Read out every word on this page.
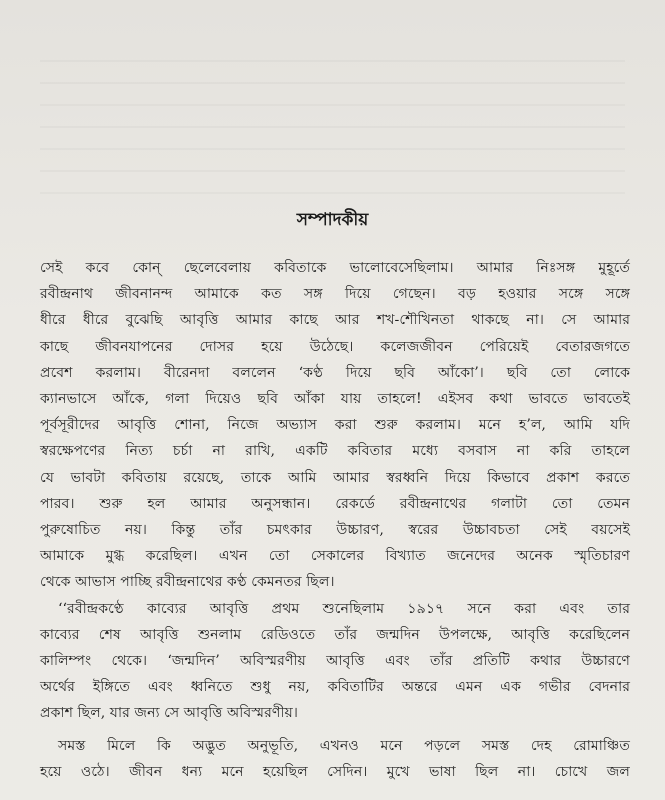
সম্পাদকীয়
সেই কবে কোন্ ছেলেবেলায় কবিতাকে ভালোবেসেছিলাম। আমার নিঃসঙ্গ মুহূর্তে
রবীন্দ্রনাথ জীবনানন্দ আমাকে কত সঙ্গ দিয়ে গেছেন। বড় হওয়ার সঙ্গে সঙ্গে
ধীরে ধীরে বুঝেছি আবৃত্তি আমার কাছে আর শখ-শৌখিনতা থাকছে না। সে আমার
কাছে জীবনযাপনের দোসর হয়ে উঠেছে। কলেজজীবন পেরিয়েই বেতারজগতে
প্রবেশ করলাম। বীরেনদা বললেন ‘কণ্ঠ দিয়ে ছবি আঁকো’। ছবি তো লোকে
ক্যানভাসে আঁকে, গলা দিয়েও ছবি আঁকা যায় তাহলে! এইসব কথা ভাবতে ভাবতেই
পূর্বসূরীদের আবৃত্তি শোনা, নিজে অভ্যাস করা শুরু করলাম। মনে হ’ল, আমি যদি
স্বরক্ষেপণের নিত্য চর্চা না রাখি, একটি কবিতার মধ্যে বসবাস না করি তাহলে
যে ভাবটা কবিতায় রয়েছে, তাকে আমি আমার স্বরধ্বনি দিয়ে কিভাবে প্রকাশ করতে
পারব। শুরু হল আমার অনুসন্ধান। রেকর্ডে রবীন্দ্রনাথের গলাটা তো তেমন
পুরুষোচিত নয়। কিন্তু তাঁর চমৎকার উচ্চারণ, স্বরের উচ্চাবচতা সেই বয়সেই
আমাকে মুগ্ধ করেছিল। এখন তো সেকালের বিখ্যাত জনেদের অনেক স্মৃতিচারণ
থেকে আভাস পাচ্ছি রবীন্দ্রনাথের কণ্ঠ কেমনতর ছিল।
‘‘রবীন্দ্রকণ্ঠে কাব্যের আবৃত্তি প্রথম শুনেছিলাম ১৯১৭ সনে করা এবং তার
কাব্যের শেষ আবৃত্তি শুনলাম রেডিওতে তাঁর জন্মদিন উপলক্ষে, আবৃত্তি করেছিলেন
কালিম্পং থেকে। ‘জন্মদিন’ অবিস্মরণীয় আবৃত্তি এবং তাঁর প্রতিটি কথার উচ্চারণে
অর্থের ইঙ্গিতে এবং ধ্বনিতে শুধু নয়, কবিতাটির অন্তরে এমন এক গভীর বেদনার
প্রকাশ ছিল, যার জন্য সে আবৃত্তি অবিস্মরণীয়।
সমস্ত মিলে কি অদ্ভুত অনুভূতি, এখনও মনে পড়লে সমস্ত দেহ রোমাঞ্চিত
হয়ে ওঠে। জীবন ধন্য মনে হয়েছিল সেদিন। মুখে ভাষা ছিল না। চোখে জল
